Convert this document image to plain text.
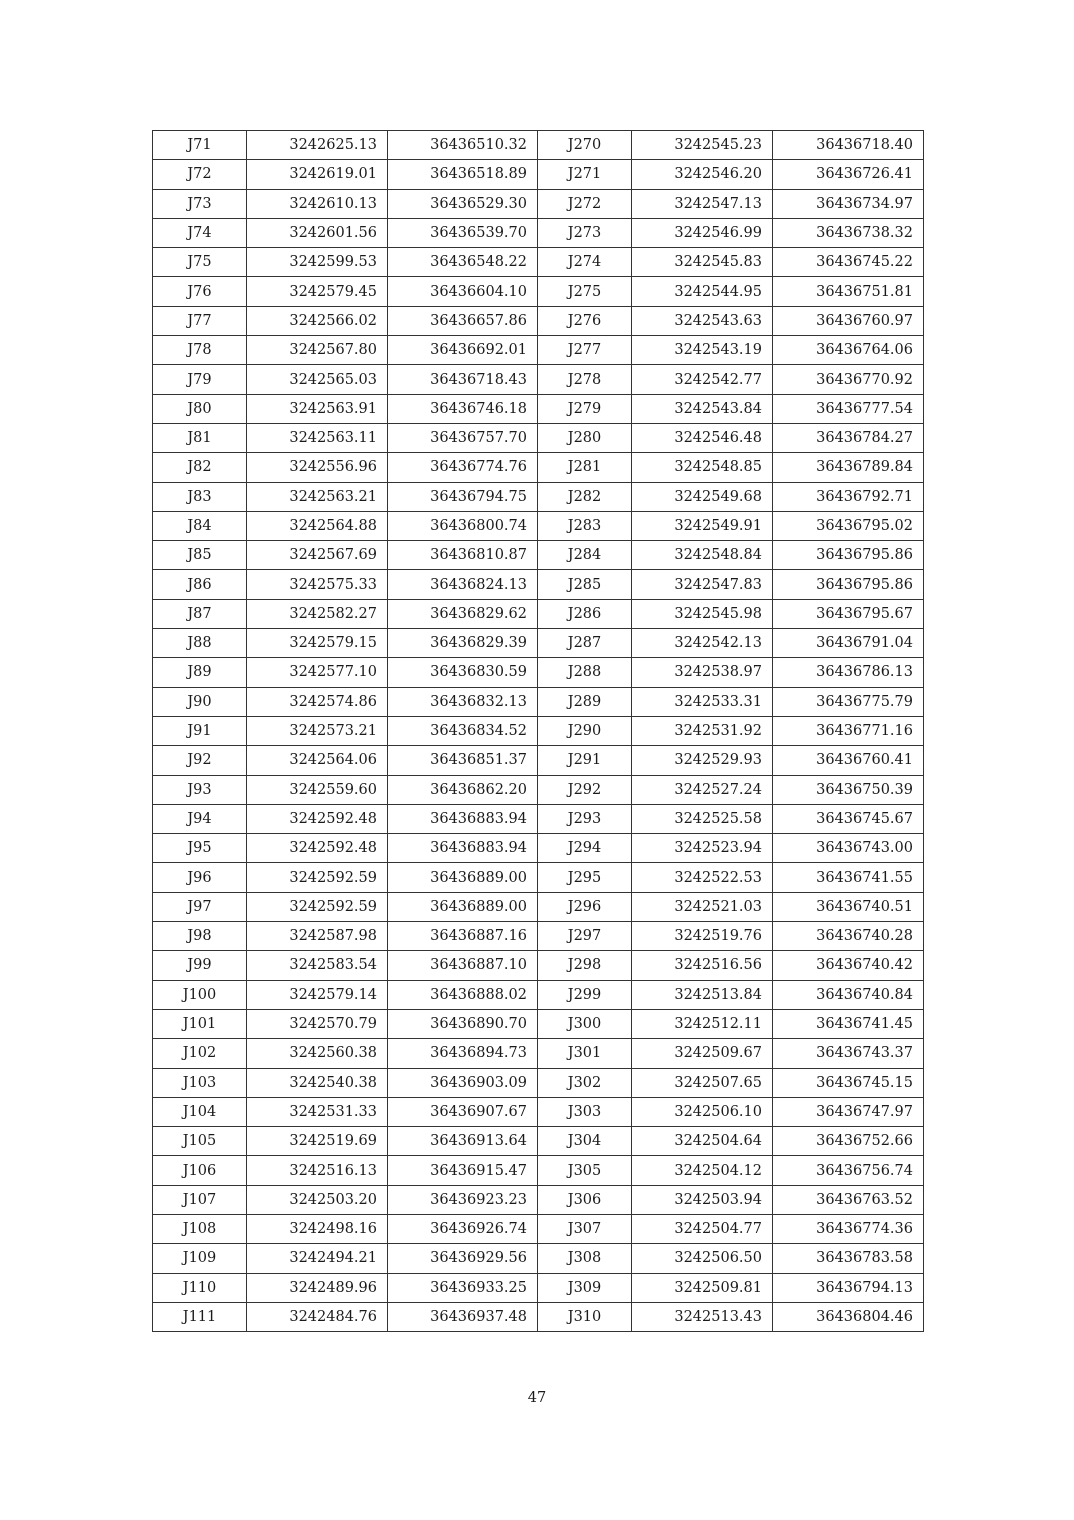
J71	3242625.13	36436510.32	J270	3242545.23	36436718.40
J72	3242619.01	36436518.89	J271	3242546.20	36436726.41
J73	3242610.13	36436529.30	J272	3242547.13	36436734.97
J74	3242601.56	36436539.70	J273	3242546.99	36436738.32
J75	3242599.53	36436548.22	J274	3242545.83	36436745.22
J76	3242579.45	36436604.10	J275	3242544.95	36436751.81
J77	3242566.02	36436657.86	J276	3242543.63	36436760.97
J78	3242567.80	36436692.01	J277	3242543.19	36436764.06
J79	3242565.03	36436718.43	J278	3242542.77	36436770.92
J80	3242563.91	36436746.18	J279	3242543.84	36436777.54
J81	3242563.11	36436757.70	J280	3242546.48	36436784.27
J82	3242556.96	36436774.76	J281	3242548.85	36436789.84
J83	3242563.21	36436794.75	J282	3242549.68	36436792.71
J84	3242564.88	36436800.74	J283	3242549.91	36436795.02
J85	3242567.69	36436810.87	J284	3242548.84	36436795.86
J86	3242575.33	36436824.13	J285	3242547.83	36436795.86
J87	3242582.27	36436829.62	J286	3242545.98	36436795.67
J88	3242579.15	36436829.39	J287	3242542.13	36436791.04
J89	3242577.10	36436830.59	J288	3242538.97	36436786.13
J90	3242574.86	36436832.13	J289	3242533.31	36436775.79
J91	3242573.21	36436834.52	J290	3242531.92	36436771.16
J92	3242564.06	36436851.37	J291	3242529.93	36436760.41
J93	3242559.60	36436862.20	J292	3242527.24	36436750.39
J94	3242592.48	36436883.94	J293	3242525.58	36436745.67
J95	3242592.48	36436883.94	J294	3242523.94	36436743.00
J96	3242592.59	36436889.00	J295	3242522.53	36436741.55
J97	3242592.59	36436889.00	J296	3242521.03	36436740.51
J98	3242587.98	36436887.16	J297	3242519.76	36436740.28
J99	3242583.54	36436887.10	J298	3242516.56	36436740.42
J100	3242579.14	36436888.02	J299	3242513.84	36436740.84
J101	3242570.79	36436890.70	J300	3242512.11	36436741.45
J102	3242560.38	36436894.73	J301	3242509.67	36436743.37
J103	3242540.38	36436903.09	J302	3242507.65	36436745.15
J104	3242531.33	36436907.67	J303	3242506.10	36436747.97
J105	3242519.69	36436913.64	J304	3242504.64	36436752.66
J106	3242516.13	36436915.47	J305	3242504.12	36436756.74
J107	3242503.20	36436923.23	J306	3242503.94	36436763.52
J108	3242498.16	36436926.74	J307	3242504.77	36436774.36
J109	3242494.21	36436929.56	J308	3242506.50	36436783.58
J110	3242489.96	36436933.25	J309	3242509.81	36436794.13
J111	3242484.76	36436937.48	J310	3242513.43	36436804.46
47
